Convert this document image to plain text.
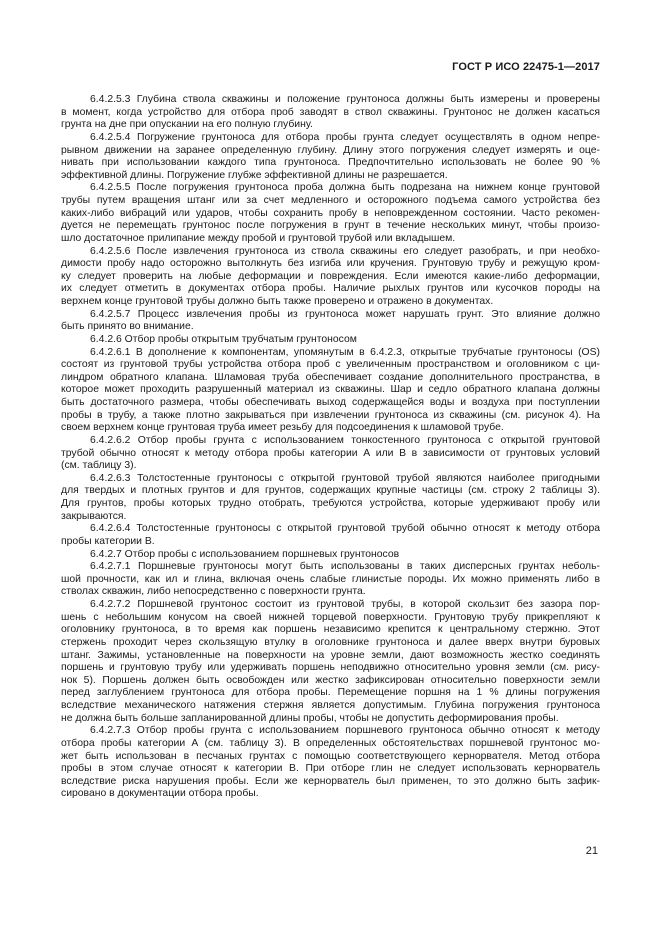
ГОСТ Р ИСО 22475-1—2017
6.4.2.5.3 Глубина ствола скважины и положение грунтоноса должны быть измерены и проверены
в момент, когда устройство для отбора проб заводят в ствол скважины. Грунтонос не должен касаться
грунта на дне при опускании на его полную глубину.
6.4.2.5.4 Погружение грунтоноса для отбора пробы грунта следует осуществлять в одном непре-
рывном движении на заранее определенную глубину. Длину этого погружения следует измерять и оце-
нивать при использовании каждого типа грунтоноса. Предпочтительно использовать не более 90 %
эффективной длины. Погружение глубже эффективной длины не разрешается.
6.4.2.5.5 После погружения грунтоноса проба должна быть подрезана на нижнем конце грунтовой
трубы путем вращения штанг или за счет медленного и осторожного подъема самого устройства без
каких-либо вибраций или ударов, чтобы сохранить пробу в неповрежденном состоянии. Часто рекомен-
дуется не перемещать грунтонос после погружения в грунт в течение нескольких минут, чтобы произо-
шло достаточное прилипание между пробой и грунтовой трубой или вкладышем.
6.4.2.5.6 После извлечения грунтоноса из ствола скважины его следует разобрать, и при необхо-
димости пробу надо осторожно вытолкнуть без изгиба или кручения. Грунтовую трубу и режущую кром-
ку следует проверить на любые деформации и повреждения. Если имеются какие-либо деформации,
их следует отметить в документах отбора пробы. Наличие рыхлых грунтов или кусочков породы на
верхнем конце грунтовой трубы должно быть также проверено и отражено в документах.
6.4.2.5.7 Процесс извлечения пробы из грунтоноса может нарушать грунт. Это влияние должно
быть принято во внимание.
6.4.2.6 Отбор пробы открытым трубчатым грунтоносом
6.4.2.6.1 В дополнение к компонентам, упомянутым в 6.4.2.3, открытые трубчатые грунтоносы (OS)
состоят из грунтовой трубы устройства отбора проб с увеличенным пространством и оголовником с ци-
линдром обратного клапана. Шламовая труба обеспечивает создание дополнительного пространства, в
которое может проходить разрушенный материал из скважины. Шар и седло обратного клапана должны
быть достаточного размера, чтобы обеспечивать выход содержащейся воды и воздуха при поступлении
пробы в трубу, а также плотно закрываться при извлечении грунтоноса из скважины (см. рисунок 4). На
своем верхнем конце грунтовая труба имеет резьбу для подсоединения к шламовой трубе.
6.4.2.6.2 Отбор пробы грунта с использованием тонкостенного грунтоноса с открытой грунтовой
трубой обычно относят к методу отбора пробы категории А или В в зависимости от грунтовых условий
(см. таблицу 3).
6.4.2.6.3 Толстостенные грунтоносы с открытой грунтовой трубой являются наиболее пригодными
для твердых и плотных грунтов и для грунтов, содержащих крупные частицы (см. строку 2 таблицы 3).
Для грунтов, пробы которых трудно отобрать, требуются устройства, которые удерживают пробу или
закрываются.
6.4.2.6.4 Толстостенные грунтоносы с открытой грунтовой трубой обычно относят к методу отбора
пробы категории В.
6.4.2.7 Отбор пробы с использованием поршневых грунтоносов
6.4.2.7.1 Поршневые грунтоносы могут быть использованы в таких дисперсных грунтах неболь-
шой прочности, как ил и глина, включая очень слабые глинистые породы. Их можно применять либо в
стволах скважин, либо непосредственно с поверхности грунта.
6.4.2.7.2 Поршневой грунтонос состоит из грунтовой трубы, в которой скользит без зазора пор-
шень с небольшим конусом на своей нижней торцевой поверхности. Грунтовую трубу прикрепляют к
оголовнику грунтоноса, в то время как поршень независимо крепится к центральному стержню. Этот
стержень проходит через скользящую втулку в оголовнике грунтоноса и далее вверх внутри буровых
штанг. Зажимы, установленные на поверхности на уровне земли, дают возможность жестко соединять
поршень и грунтовую трубу или удерживать поршень неподвижно относительно уровня земли (см. рису-
нок 5). Поршень должен быть освобожден или жестко зафиксирован относительно поверхности земли
перед заглублением грунтоноса для отбора пробы. Перемещение поршня на 1 % длины погружения
вследствие механического натяжения стержня является допустимым. Глубина погружения грунтоноса
не должна быть больше запланированной длины пробы, чтобы не допустить деформирования пробы.
6.4.2.7.3 Отбор пробы грунта с использованием поршневого грунтоноса обычно относят к методу
отбора пробы категории А (см. таблицу 3). В определенных обстоятельствах поршневой грунтонос мо-
жет быть использован в песчаных грунтах с помощью соответствующего кернорвателя. Метод отбора
пробы в этом случае относят к категории В. При отборе глин не следует использовать кернорватель
вследствие риска нарушения пробы. Если же кернорватель был применен, то это должно быть зафик-
сировано в документации отбора пробы.
21
